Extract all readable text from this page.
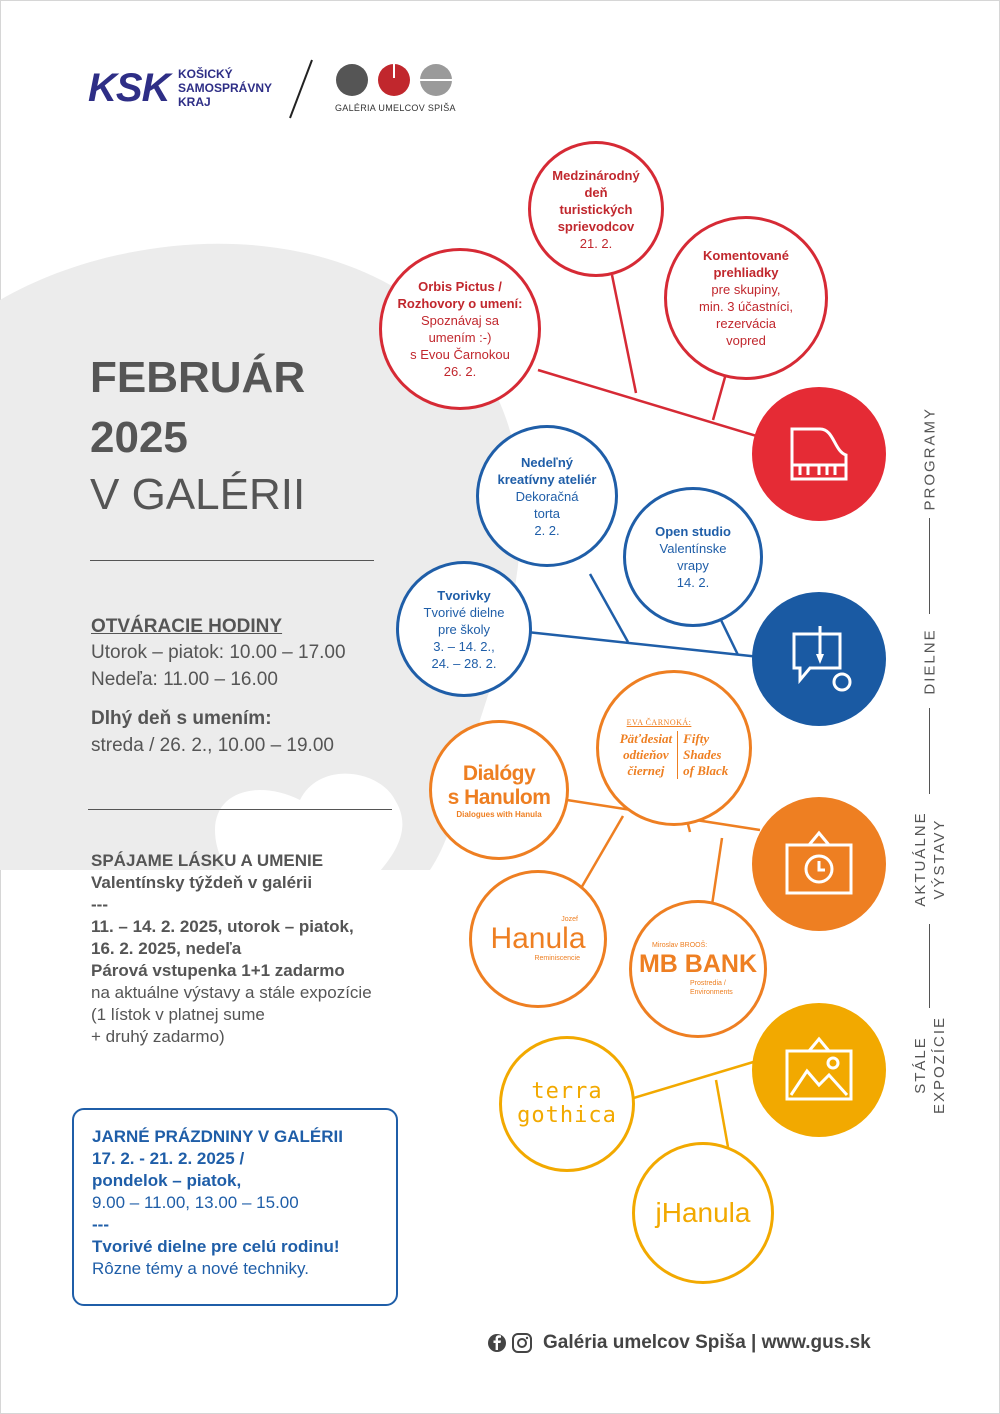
KSK KOŠICKÝ
SAMOSPRÁVNY
KRAJ	GALÉRIA UMELCOV SPIŠA
FEBRUÁR
2025
V GALÉRII
OTVÁRACIE HODINY
Utorok – piatok: 10.00 – 17.00
Nedeľa: 11.00 – 16.00
Dlhý deň s umením:
streda / 26. 2., 10.00 – 19.00
SPÁJAME LÁSKU A UMENIE
Valentínsky týždeň v galérii
---
11. – 14. 2. 2025, utorok – piatok,
16. 2. 2025, nedeľa
Párová vstupenka 1+1 zadarmo
na aktuálne výstavy a stále expozície
(1 lístok v platnej sume
+ druhý zadarmo)
JARNÉ PRÁZDNINY V GALÉRII
17. 2. - 21. 2. 2025 /
pondelok – piatok,
9.00 – 11.00, 13.00 – 15.00
---
Tvorivé dielne pre celú rodinu!
Rôzne témy a nové techniky.
Orbis Pictus /
Rozhovory o umení:
Spoznávaj sa
umením :-)
s Evou Čarnokou
26. 2.
Medzinárodný
deň
turistických
sprievodcov
21. 2.
Komentované
prehliadky
pre skupiny,
min. 3 účastníci,
rezervácia
vopred
Nedeľný
kreatívny ateliér
Dekoračná
torta
2. 2.	Open studio
Valentínske
vrapy
14. 2.
Tvorivky
Tvorivé dielne
pre školy
3. – 14. 2.,
24. – 28. 2.
EVA ČARNOKÁ:
Päťdesiat
odtieňov
čiernej
Fifty
Shades
of Black
Dialógy
s Hanulom
Dialogues with Hanula
Jozef
Hanula
Reminiscencie
Miroslav BROOŠ:
MB BANK
Prostredia /
Environments
terra
gothica
jHanula
PROGRAMY
DIELNE
AKTUÁLNE VÝSTAVY
STÁLE EXPOZÍCIE
Galéria umelcov Spiša | www.gus.sk
